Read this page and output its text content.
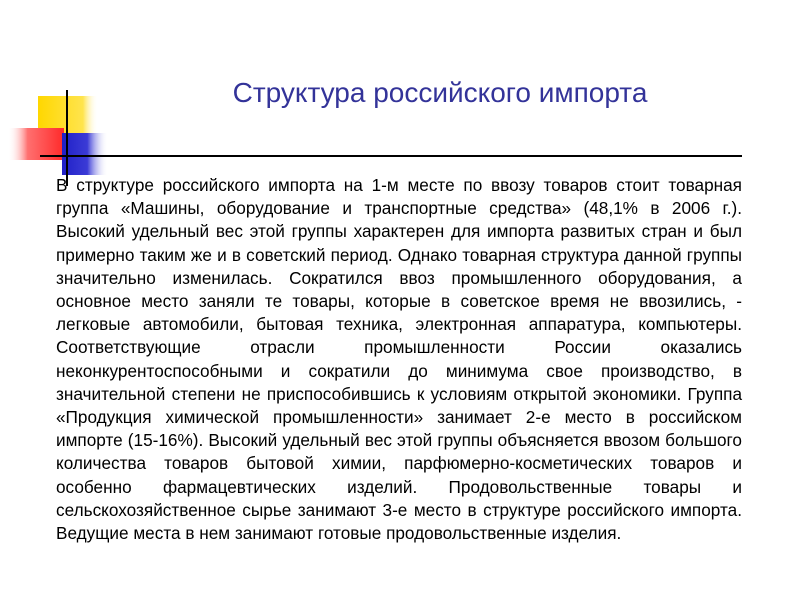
Структура российского импорта

В структуре российского импорта на 1-м месте по ввозу товаров стоит товарная группа «Машины, оборудование и транспортные средства» (48,1% в 2006 г.). Высокий удельный вес этой группы характерен для импорта развитых стран и был примерно таким же и в советский период. Однако товарная структура данной группы значительно изменилась. Сократился ввоз промышленного оборудования, а основное место заняли те товары, которые в советское время не ввозились, - легковые автомобили, бытовая техника, электронная аппаратура, компьютеры. Соответствующие отрасли промышленности России оказались неконкурентоспособными и сократили до минимума свое производство, в значительной степени не приспособившись к условиям открытой экономики. Группа «Продукция химической промышленности» занимает 2-е место в российском импорте (15-16%). Высокий удельный вес этой группы объясняется ввозом большого количества товаров бытовой химии, парфюмерно-косметических товаров и особенно фармацевтических изделий. Продовольственные товары и сельскохозяйственное сырье занимают 3-е место в структуре российского импорта. Ведущие места в нем занимают готовые продовольственные изделия.
